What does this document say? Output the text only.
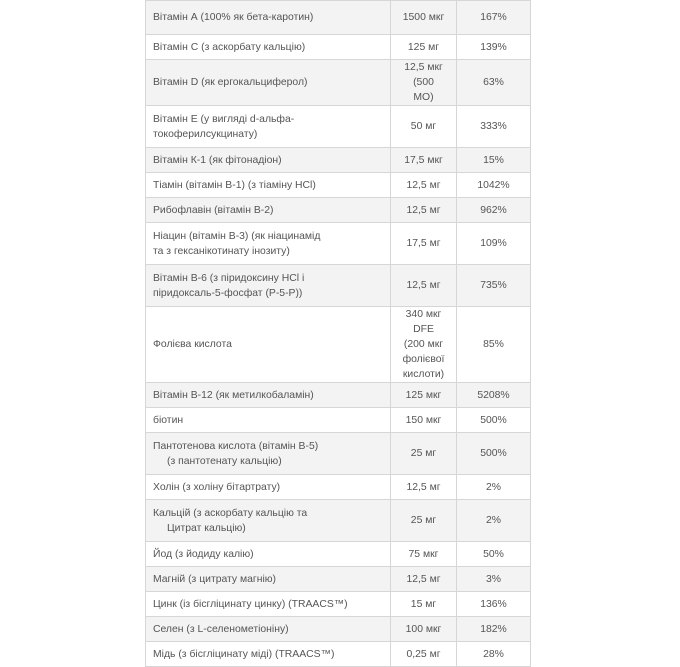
Вітамін А (100% як бета-каротин)	1500 мкг	167%

Вітамін С (з аскорбату кальцію)	125 мг	139%

Вітамін D (як ергокальциферол)	12,5 мкг (500
МО)	63%

Вітамін Е (у вигляді d-альфа-
токоферилсукцинату)	50 мг	333%

Вітамін К-1 (як фітонадіон)	17,5 мкг	15%

Тіамін (вітамін В-1) (з тіаміну HCl)	12,5 мг	1042%

Рибофлавін (вітамін В-2)	12,5 мг	962%

Ніацин (вітамін В-3) (як ніацинамід
та з гексанікотинату інозиту)	17,5 мг	109%

Вітамін В-6 (з піридоксину HCl і
піридоксаль-5-фосфат (Р-5-Р))	12,5 мг	735%

Фолієва кислота	340 мкг DFE
(200 мкг
фолієвої
кислоти)	85%

Вітамін В-12 (як метилкобаламін)	125 мкг	5208%

біотин	150 мкг	500%

Пантотенова кислота (вітамін В-5)
(з пантотенату кальцію)	25 мг	500%

Холін (з холіну бітартрату)	12,5 мг	2%

Кальцій (з аскорбату кальцію та
Цитрат кальцію)	25 мг	2%

Йод (з йодиду калію)	75 мкг	50%

Магній (з цитрату магнію)	12,5 мг	3%

Цинк (із бісгліцинату цинку) (TRAACS™)	15 мг	136%

Селен (з L-селенометіоніну)	100 мкг	182%

Мідь (з бісгліцинату міді) (TRAACS™)	0,25 мг	28%
